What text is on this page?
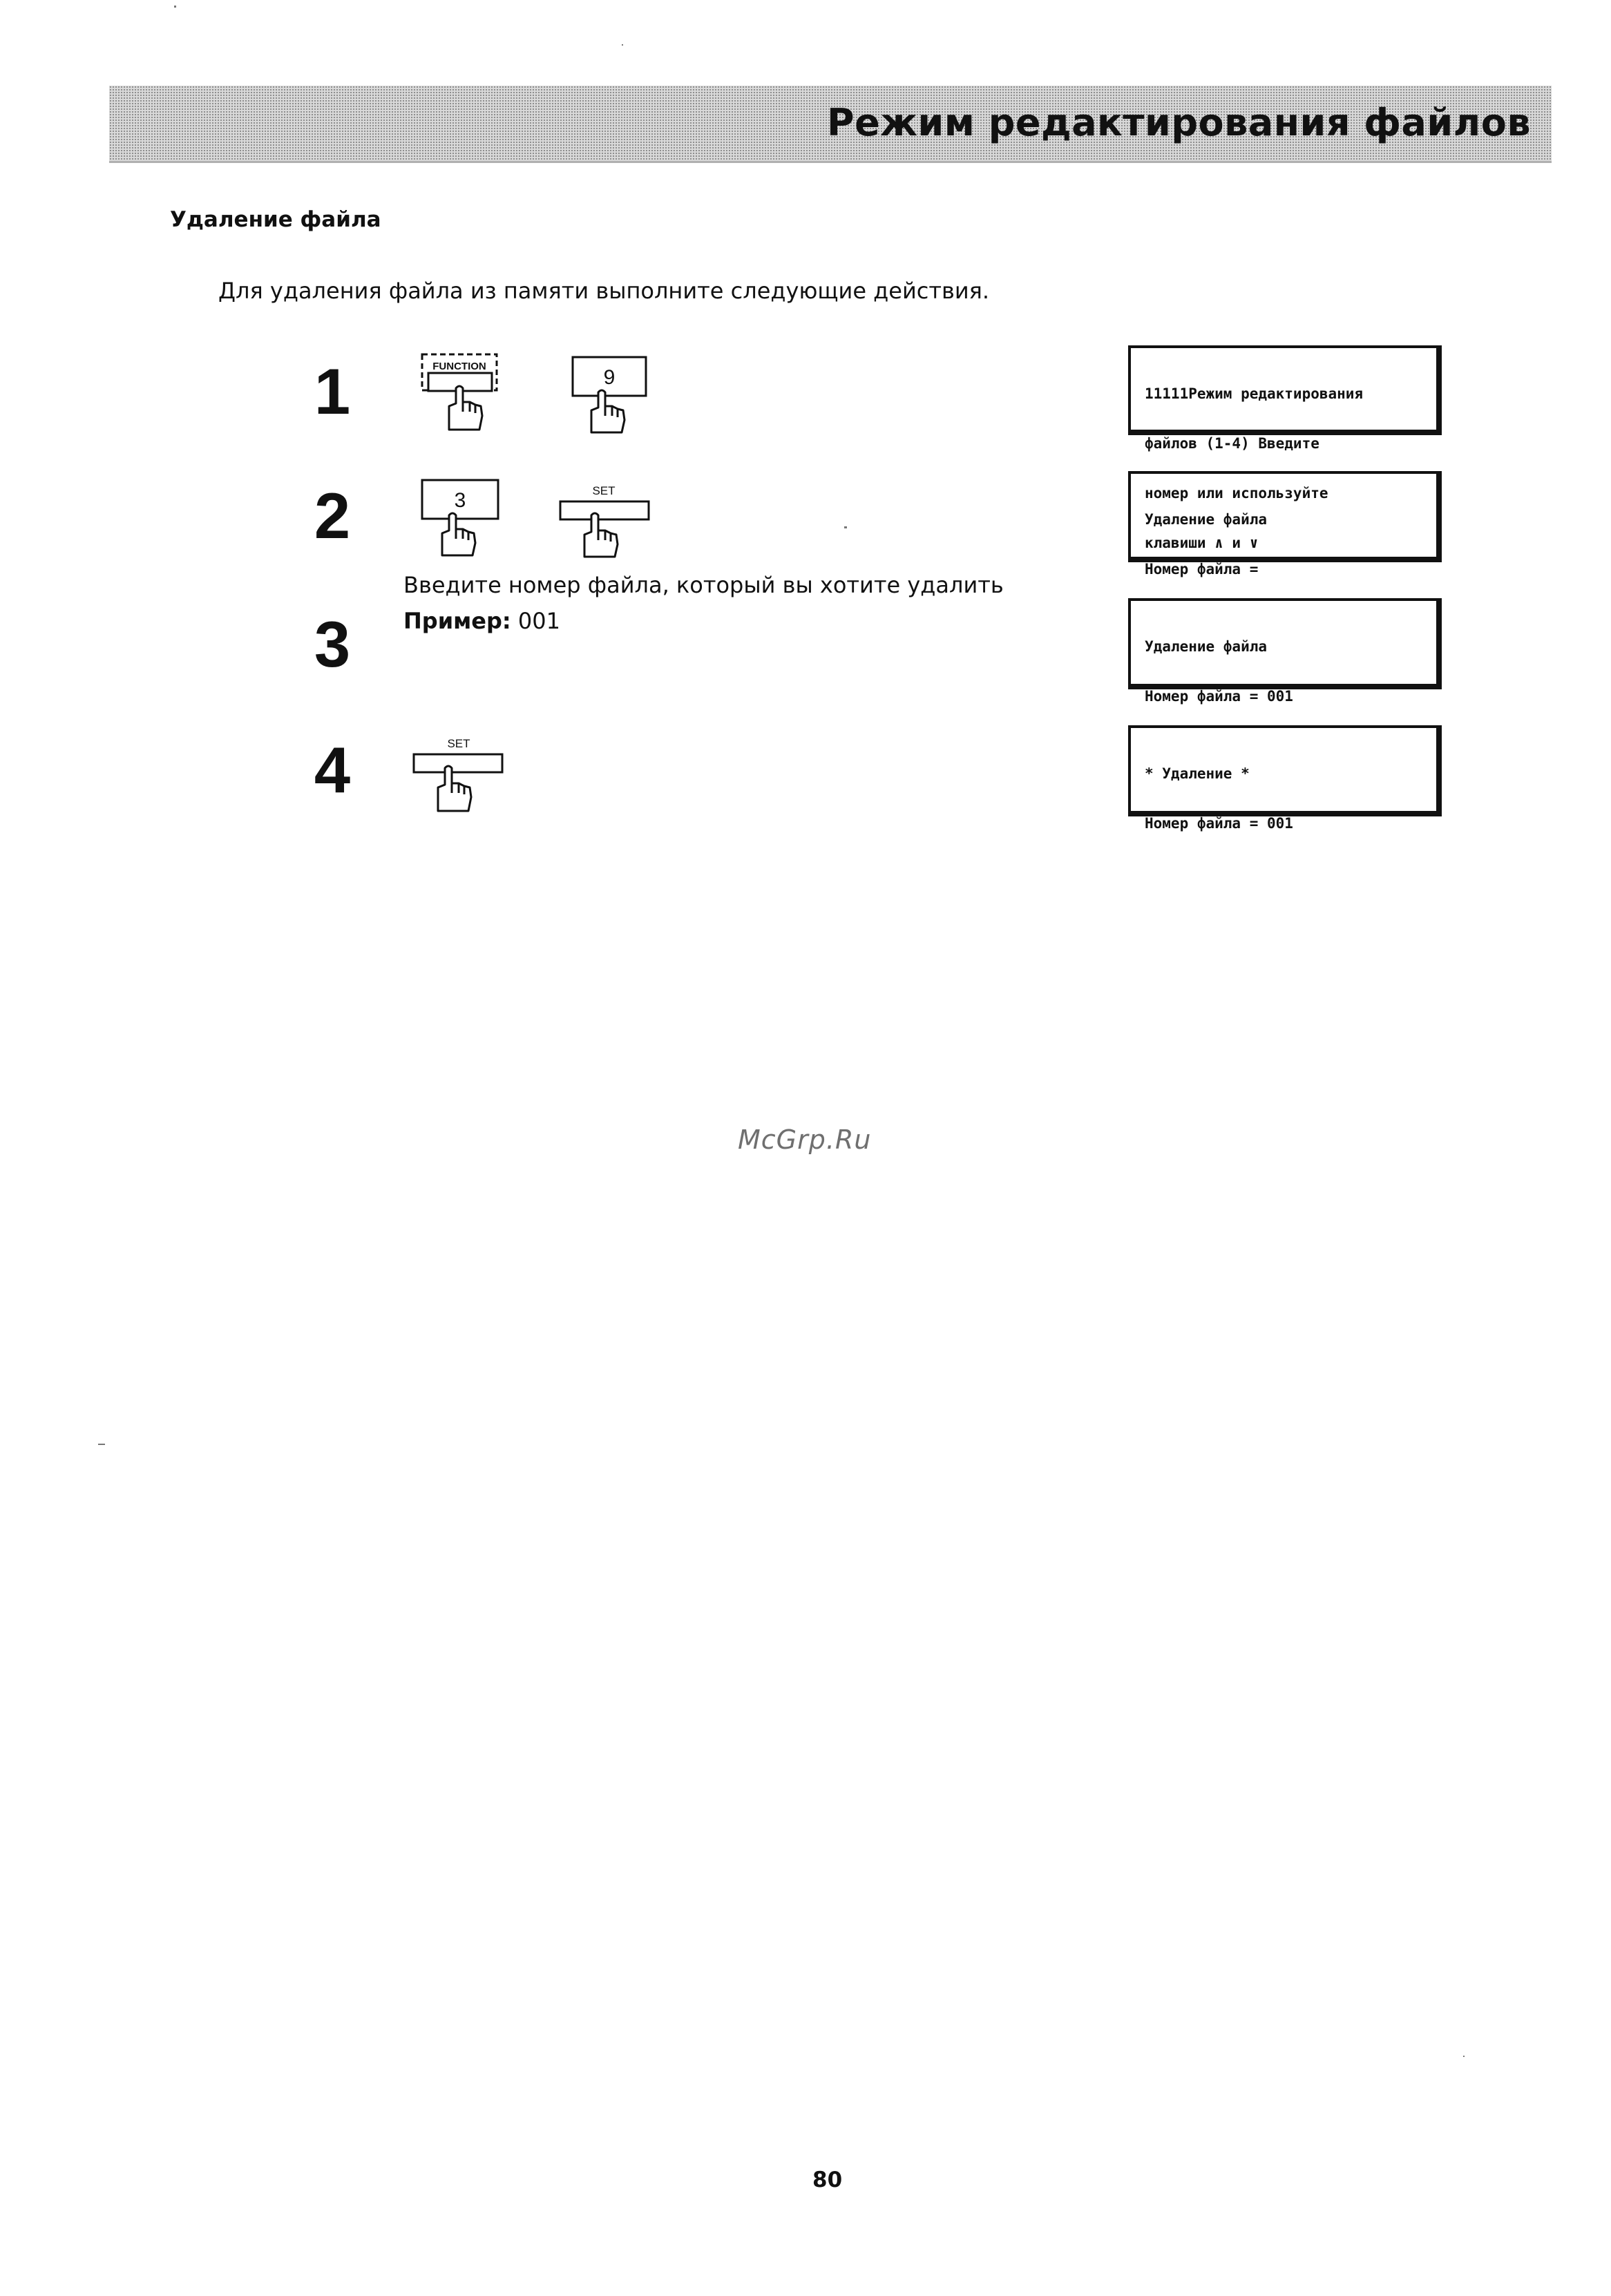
Режим редактирования файлов
Удаление файла
Для удаления файла из памяти выполните следующие действия.
1
2
3
4
FUNCTION	9
3	SET
Введите номер файла, который вы хотите удалить
Пример: 001
SET

11111Режим редактирования

файлов (1-4) Введите

номер или используйте

клавиши ∧ и ∨

Удаление файла

Номер файла =

Удаление файла

Номер файла = 001

* Удаление *

Номер файла = 001

McGrp.Ru
80
